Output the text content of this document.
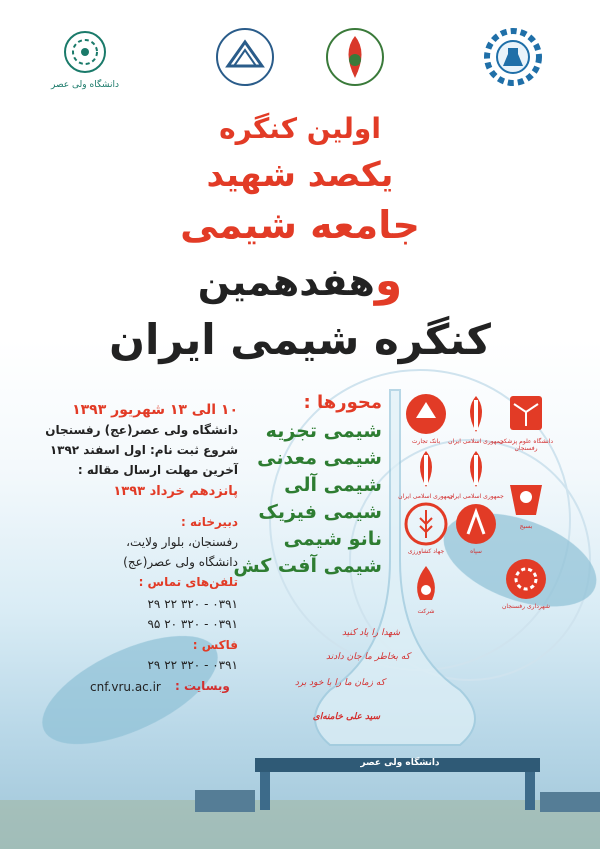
دانشگاه ولی عصر
دانشگاه ولی عصر
اولین کنگره
یکصد شهید
جامعه شیمی
وهفدهمین
کنگره شیمی ایران
۱۰ الی ۱۳ شهریور ۱۳۹۳
دانشگاه ولی عصر(عج) رفسنجان
شروع ثبت نام: اول اسفند ۱۳۹۲
آخرین مهلت ارسال مقاله :
پانزدهم خرداد ۱۳۹۳
دبیرخانه :
رفسنجان، بلوار ولایت،
دانشگاه ولی عصر(عج)
تلفن‌های تماس :
۰۳۹۱ - ۳۲۰ ۲۲ ۲۹
۰۳۹۱ - ۳۲۰ ۲۰ ۹۵
فاکس :
۰۳۹۱ - ۳۲۰ ۲۲ ۲۹
وبسایت :
cnf.vru.ac.ir
محورها :
شیمی تجزیه
شیمی معدنی
شیمی آلی
شیمی فیزیک
نانو شیمی
شیمی آفت کش
بانک تجارت	جمهوری اسلامی ایران
دانشگاه علوم پزشکی رفسنجان
جمهوری اسلامی ایران
جمهوری اسلامی ایران
جهاد کشاورزی	سپاه
بسیج
شرکت
شهرداری رفسنجان
شهدا را یاد کنید
که بخاطر ما جان دادند
که زمان ما را با خود برد
سید علی خامنه‌ای
